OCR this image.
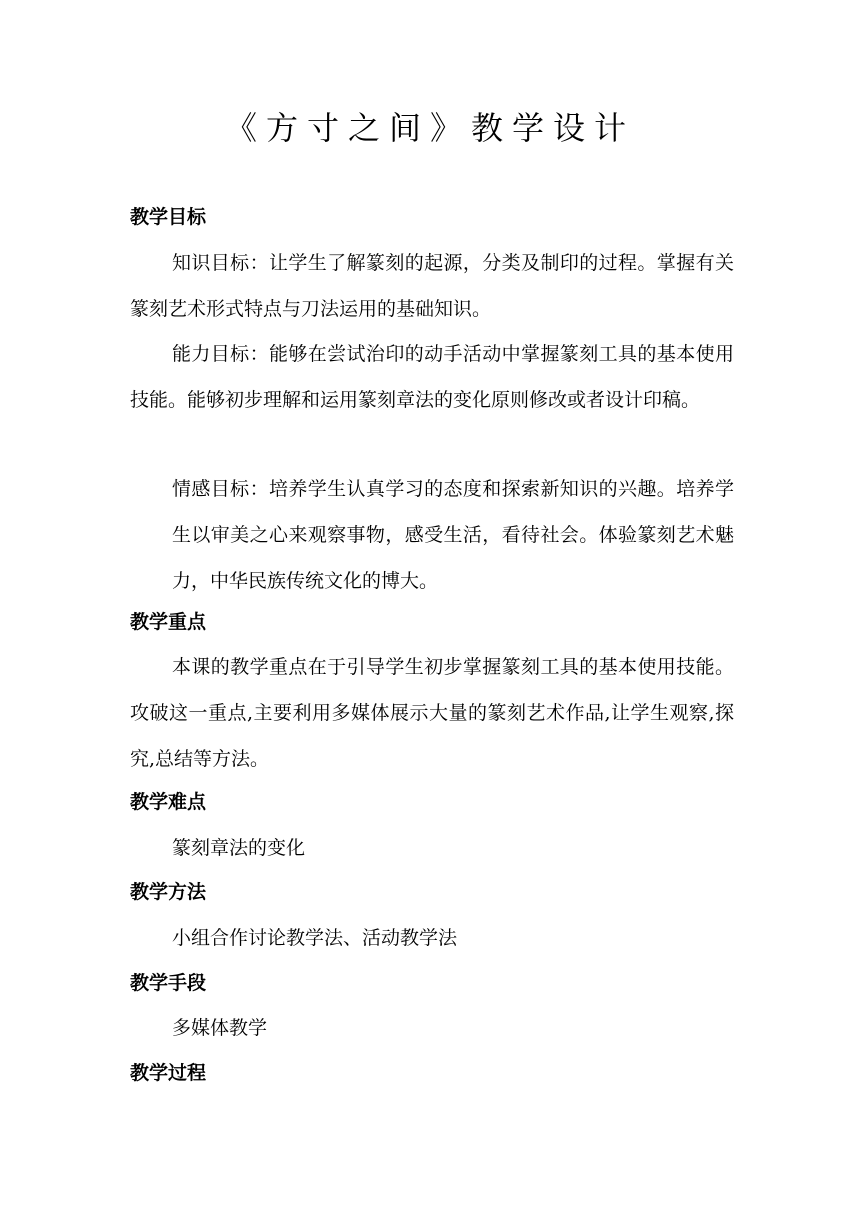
《方寸之间》教学设计
教学目标

知识目标：让学生了解篆刻的起源，分类及制印的过程。掌握有关篆刻艺术形式特点与刀法运用的基础知识。

能力目标：能够在尝试治印的动手活动中掌握篆刻工具的基本使用技能。能够初步理解和运用篆刻章法的变化原则修改或者设计印稿。

情感目标：培养学生认真学习的态度和探索新知识的兴趣。培养学生以审美之心来观察事物，感受生活，看待社会。体验篆刻艺术魅力，中华民族传统文化的博大。

教学重点

本课的教学重点在于引导学生初步掌握篆刻工具的基本使用技能。攻破这一重点,主要利用多媒体展示大量的篆刻艺术作品,让学生观察,探究,总结等方法。

教学难点

篆刻章法的变化

教学方法

小组合作讨论教学法、活动教学法

教学手段

多媒体教学

教学过程
